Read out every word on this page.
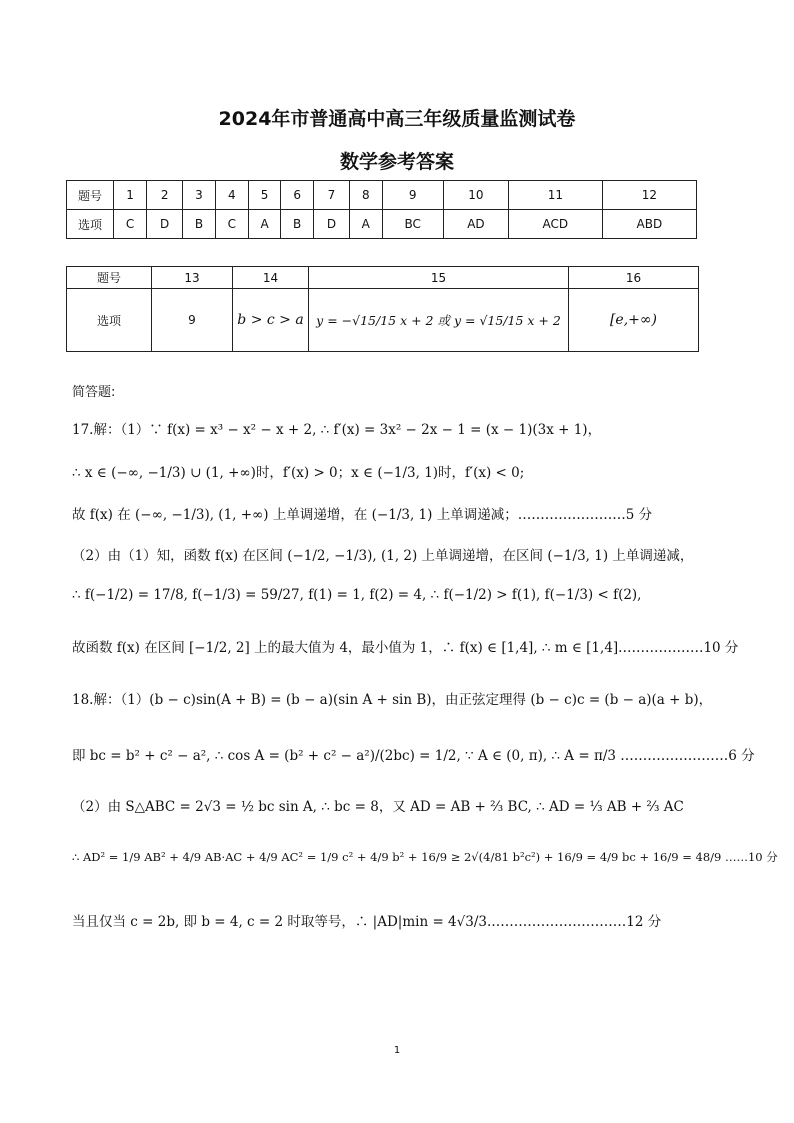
2024年市普通高中高三年级质量监测试卷
数学参考答案
题号	1	2	3	4	5	6	7	8	9	10	11	12
选项	C	D	B	C	A	B	D	A	BC	AD	ACD	ABD
题号	13	14	15	16
选项	9	b > c > a	y = −√15/15 x + 2 或 y = √15/15 x + 2	[e,+∞)
简答题:
17.解：（1）∵ f(x) = x³ − x² − x + 2, ∴ f′(x) = 3x² − 2x − 1 = (x − 1)(3x + 1)，
∴ x ∈ (−∞, −1/3) ∪ (1, +∞)时，f′(x) > 0；x ∈ (−1/3, 1)时，f′(x) < 0;
故 f(x) 在 (−∞, −1/3), (1, +∞) 上单调递增，在 (−1/3, 1) 上单调递减；……………………5 分
（2）由（1）知，函数 f(x) 在区间 (−1/2, −1/3), (1, 2) 上单调递增，在区间 (−1/3, 1) 上单调递减，
∴ f(−1/2) = 17/8, f(−1/3) = 59/27, f(1) = 1, f(2) = 4, ∴ f(−1/2) > f(1), f(−1/3) < f(2),
故函数 f(x) 在区间 [−1/2, 2] 上的最大值为 4，最小值为 1，∴ f(x) ∈ [1,4], ∴ m ∈ [1,4].………………10 分
18.解：（1）(b − c)sin(A + B) = (b − a)(sin A + sin B)，由正弦定理得 (b − c)c = (b − a)(a + b)，
即 bc = b² + c² − a², ∴ cos A = (b² + c² − a²)/(2bc) = 1/2, ∵ A ∈ (0, π), ∴ A = π/3 ……………………6 分
（2）由 S△ABC = 2√3 = ½ bc sin A, ∴ bc = 8，又 AD = AB + ⅔ BC, ∴ AD = ⅓ AB + ⅔ AC
∴ AD² = 1/9 AB² + 4/9 AB·AC + 4/9 AC² = 1/9 c² + 4/9 b² + 16/9 ≥ 2√(4/81 b²c²) + 16/9 = 4/9 bc + 16/9 = 48/9 ……10 分
当且仅当 c = 2b, 即 b = 4, c = 2 时取等号，∴ |AD|min = 4√3/3.…………………………12 分
1
